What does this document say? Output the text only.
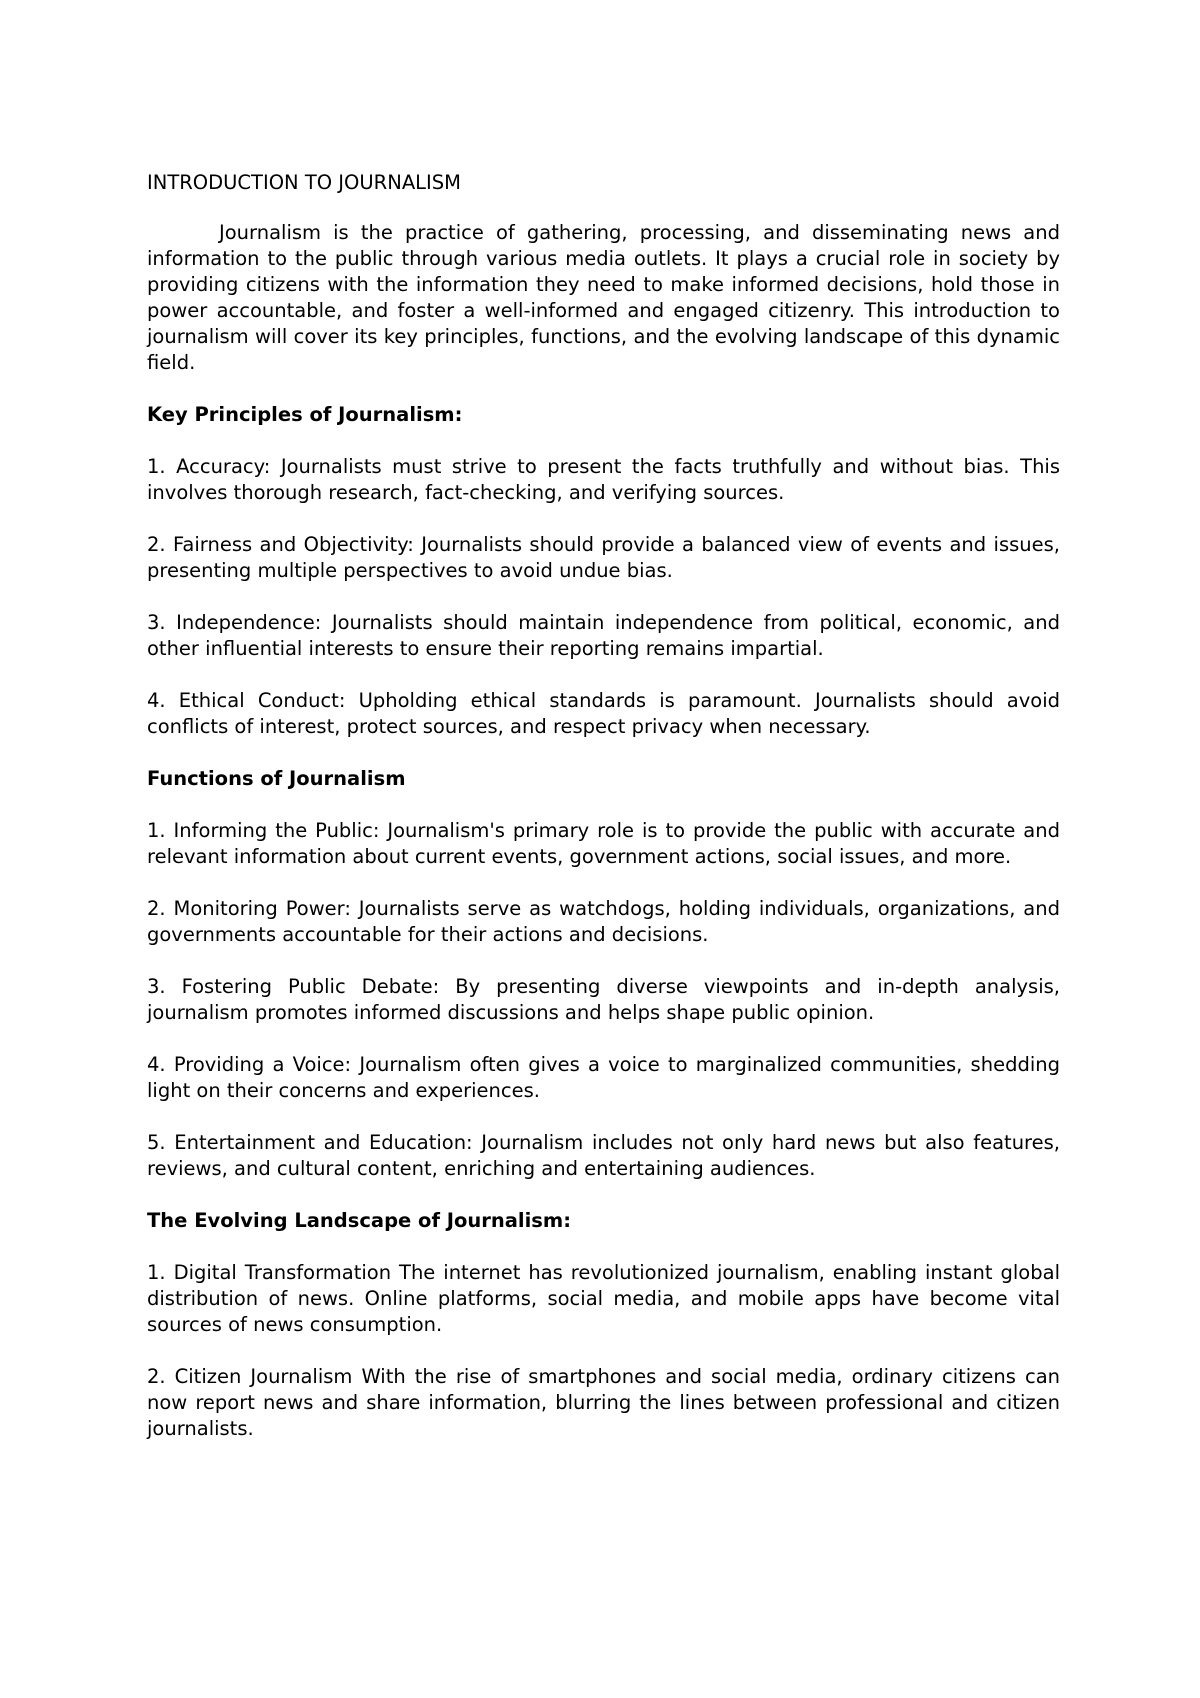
INTRODUCTION TO JOURNALISM

Journalism is the practice of gathering, processing, and disseminating news and information to the public through various media outlets. It plays a crucial role in society by providing citizens with the information they need to make informed decisions, hold those in power accountable, and foster a well-informed and engaged citizenry. This introduction to journalism will cover its key principles, functions, and the evolving landscape of this dynamic field.

Key Principles of Journalism:

1. Accuracy: Journalists must strive to present the facts truthfully and without bias. This involves thorough research, fact-checking, and verifying sources.

2. Fairness and Objectivity: Journalists should provide a balanced view of events and issues, presenting multiple perspectives to avoid undue bias.

3. Independence: Journalists should maintain independence from political, economic, and other influential interests to ensure their reporting remains impartial.

4. Ethical Conduct: Upholding ethical standards is paramount. Journalists should avoid conflicts of interest, protect sources, and respect privacy when necessary.

Functions of Journalism

1. Informing the Public: Journalism's primary role is to provide the public with accurate and relevant information about current events, government actions, social issues, and more.

2. Monitoring Power: Journalists serve as watchdogs, holding individuals, organizations, and governments accountable for their actions and decisions.

3. Fostering Public Debate: By presenting diverse viewpoints and in-depth analysis, journalism promotes informed discussions and helps shape public opinion.

4. Providing a Voice: Journalism often gives a voice to marginalized communities, shedding light on their concerns and experiences.

5. Entertainment and Education: Journalism includes not only hard news but also features, reviews, and cultural content, enriching and entertaining audiences.

The Evolving Landscape of Journalism:

1. Digital Transformation The internet has revolutionized journalism, enabling instant global distribution of news. Online platforms, social media, and mobile apps have become vital sources of news consumption.

2. Citizen Journalism With the rise of smartphones and social media, ordinary citizens can now report news and share information, blurring the lines between professional and citizen journalists.
